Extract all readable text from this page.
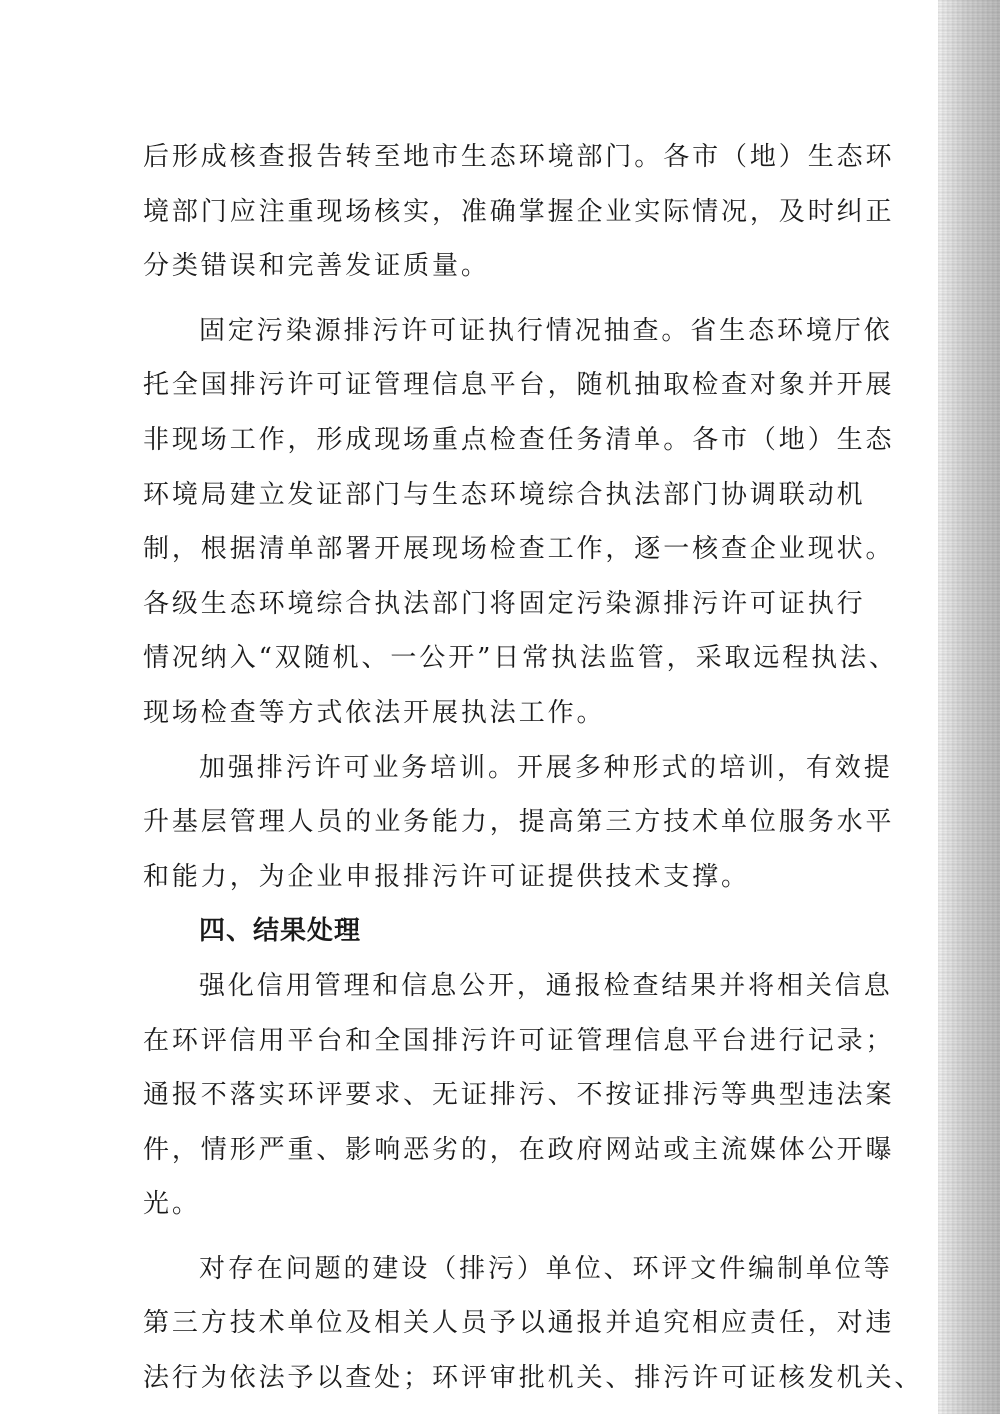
后形成核查报告转至地市生态环境部门。各市（地）生态环
境部门应注重现场核实，准确掌握企业实际情况，及时纠正
分类错误和完善发证质量。
固定污染源排污许可证执行情况抽查。省生态环境厅依
托全国排污许可证管理信息平台，随机抽取检查对象并开展
非现场工作，形成现场重点检查任务清单。各市（地）生态
环境局建立发证部门与生态环境综合执法部门协调联动机
制，根据清单部署开展现场检查工作，逐一核查企业现状。
各级生态环境综合执法部门将固定污染源排污许可证执行
情况纳入“双随机、一公开”日常执法监管，采取远程执法、
现场检查等方式依法开展执法工作。
加强排污许可业务培训。开展多种形式的培训，有效提
升基层管理人员的业务能力，提高第三方技术单位服务水平
和能力，为企业申报排污许可证提供技术支撑。
四、结果处理
强化信用管理和信息公开，通报检查结果并将相关信息
在环评信用平台和全国排污许可证管理信息平台进行记录；
通报不落实环评要求、无证排污、不按证排污等典型违法案
件，情形严重、影响恶劣的，在政府网站或主流媒体公开曝
光。
对存在问题的建设（排污）单位、环评文件编制单位等
第三方技术单位及相关人员予以通报并追究相应责任，对违
法行为依法予以查处；环评审批机关、排污许可证核发机关、
